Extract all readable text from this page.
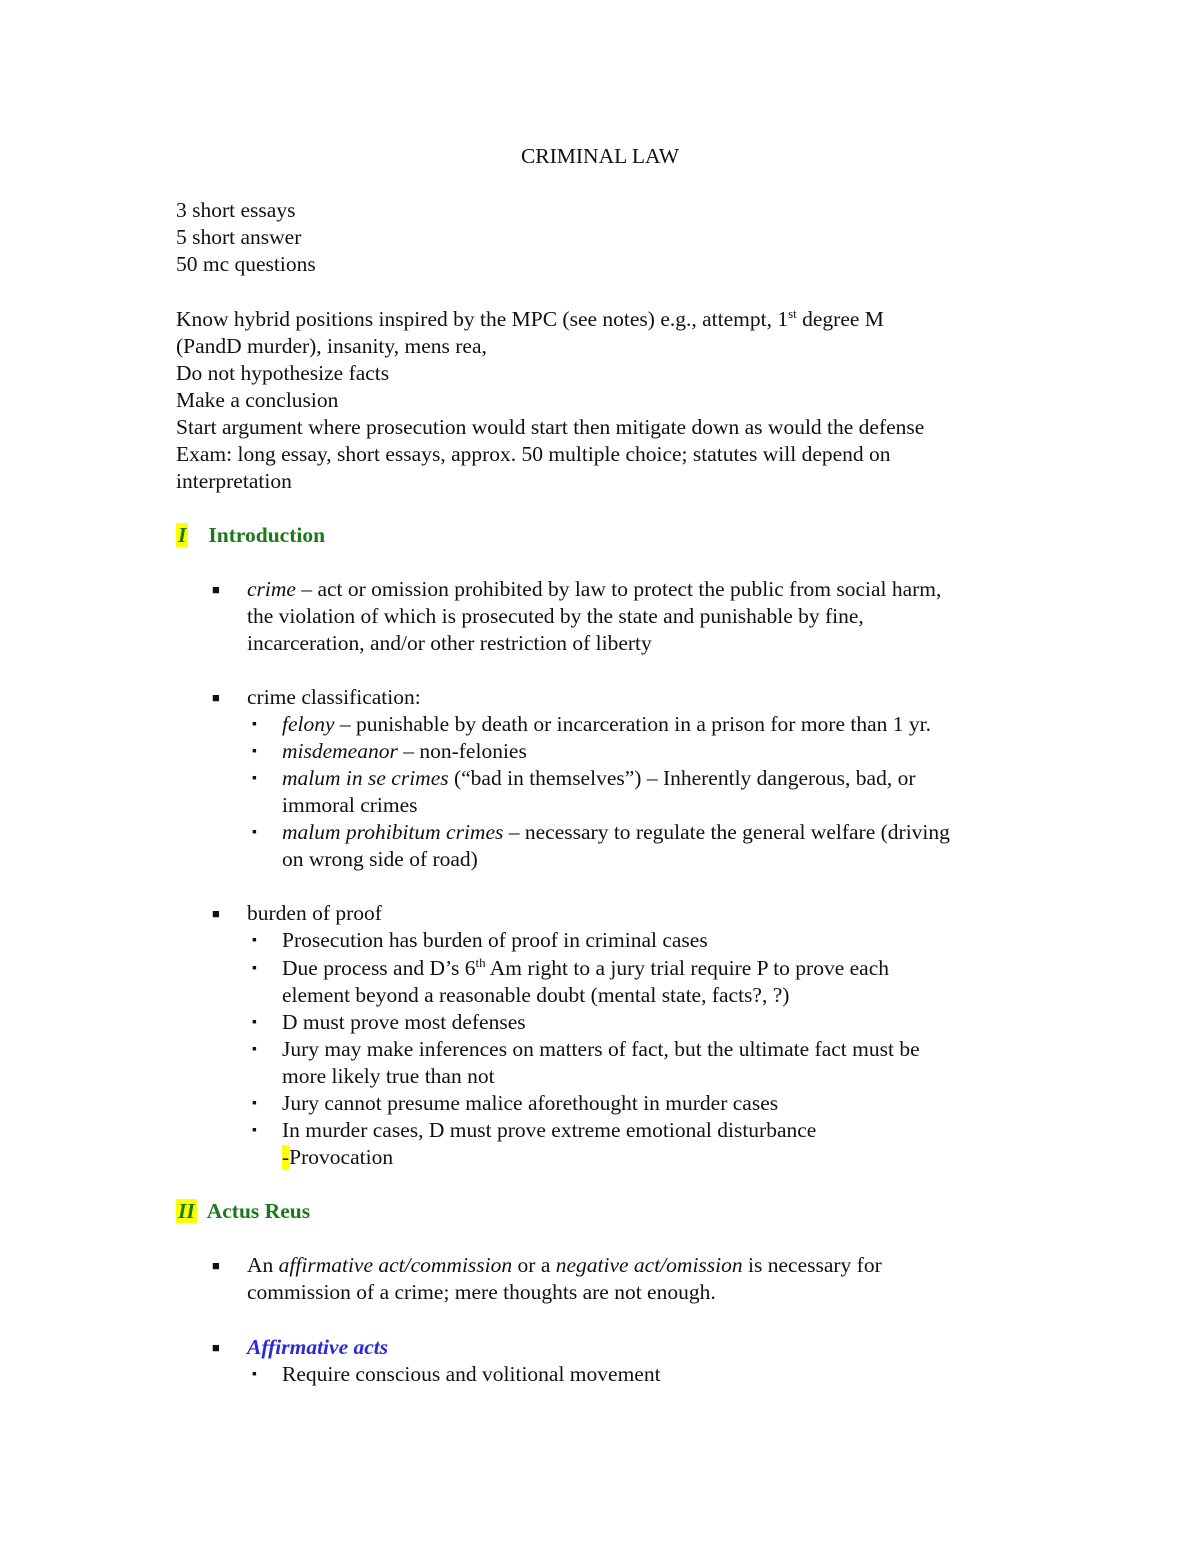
CRIMINAL LAW
3 short essays
5 short answer
50 mc questions
Know hybrid positions inspired by the MPC (see notes) e.g., attempt, 1st degree M
(PandD murder), insanity, mens rea,
Do not hypothesize facts
Make a conclusion
Start argument where prosecution would start then mitigate down as would the defense
Exam: long essay, short essays, approx. 50 multiple choice; statutes will depend on
interpretation
I Introduction
■ crime – act or omission prohibited by law to protect the public from social harm,
the violation of which is prosecuted by the state and punishable by fine,
incarceration, and/or other restriction of liberty
■ crime classification:
▪ felony – punishable by death or incarceration in a prison for more than 1 yr.
▪ misdemeanor – non-felonies
▪ malum in se crimes (“bad in themselves”) – Inherently dangerous, bad, or
immoral crimes
▪ malum prohibitum crimes – necessary to regulate the general welfare (driving
on wrong side of road)
■ burden of proof
▪ Prosecution has burden of proof in criminal cases
▪ Due process and D’s 6th Am right to a jury trial require P to prove each
element beyond a reasonable doubt (mental state, facts?, ?)
▪ D must prove most defenses
▪ Jury may make inferences on matters of fact, but the ultimate fact must be
more likely true than not
▪ Jury cannot presume malice aforethought in murder cases
▪ In murder cases, D must prove extreme emotional disturbance
-Provocation
II Actus Reus
■ An affirmative act/commission or a negative act/omission is necessary for
commission of a crime; mere thoughts are not enough.
■ Affirmative acts
▪ Require conscious and volitional movement
